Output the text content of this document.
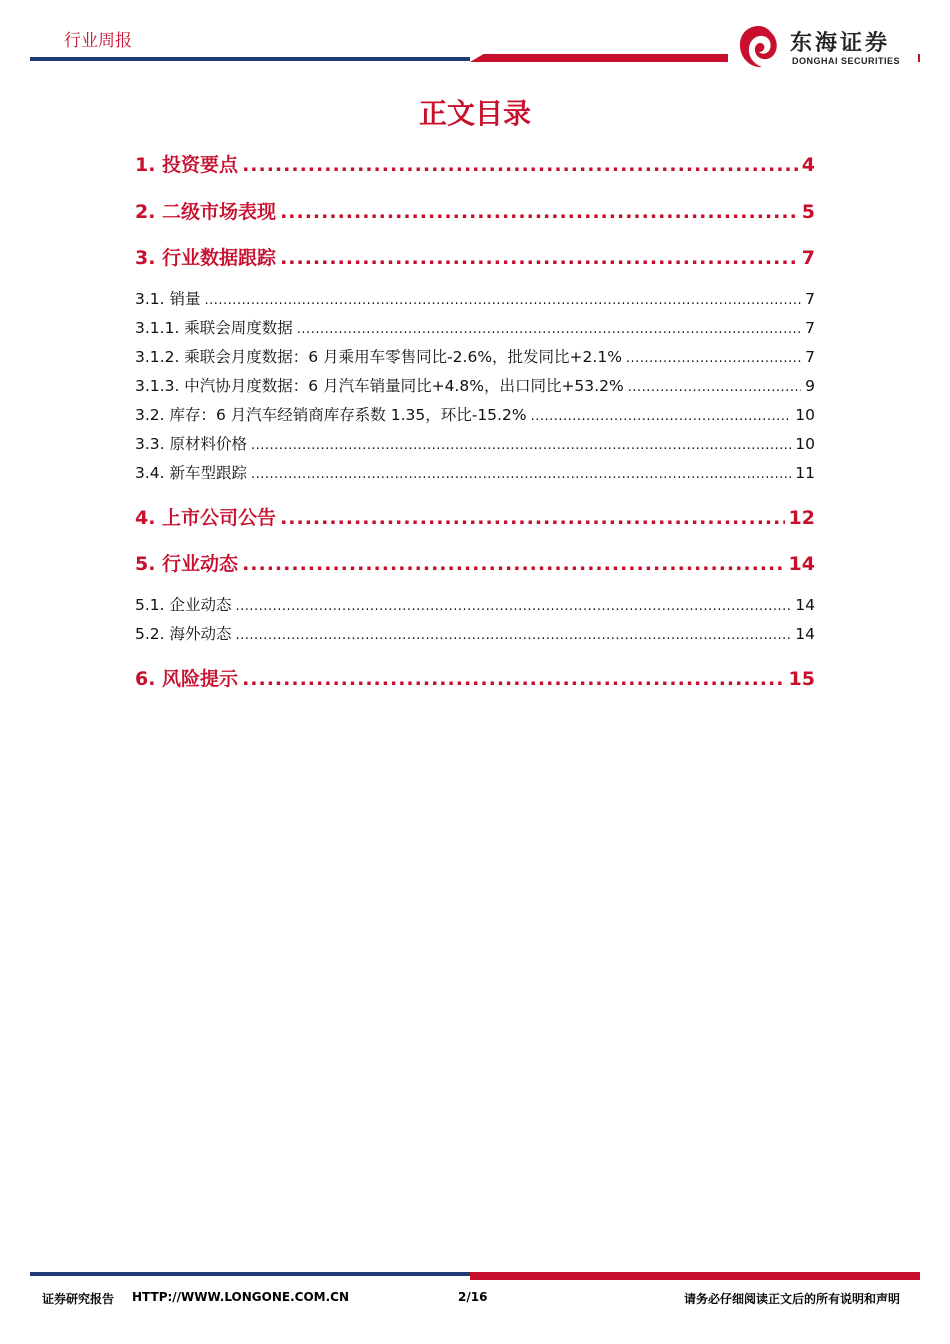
行业周报	东海证券
DONGHAI SECURITIES
正文目录
1. 投资要点 .....	4
2. 二级市场表现 .....	5
3. 行业数据跟踪 .....	7
3.1. 销量 .....	7
3.1.1. 乘联会周度数据 .....	7
3.1.2. 乘联会月度数据：6 月乘用车零售同比-2.6%，批发同比+2.1% .....	7
3.1.3. 中汽协月度数据：6 月汽车销量同比+4.8%，出口同比+53.2% .....	9
3.2. 库存：6 月汽车经销商库存系数 1.35，环比-15.2% .....	10
3.3. 原材料价格 .....	10
3.4. 新车型跟踪 .....	11
4. 上市公司公告 .....	12
5. 行业动态 .....	14
5.1. 企业动态 .....	14
5.2. 海外动态 .....	14
6. 风险提示 .....	15
证券研究报告 HTTP://WWW.LONGONE.COM.CN	2/16	请务必仔细阅读正文后的所有说明和声明
